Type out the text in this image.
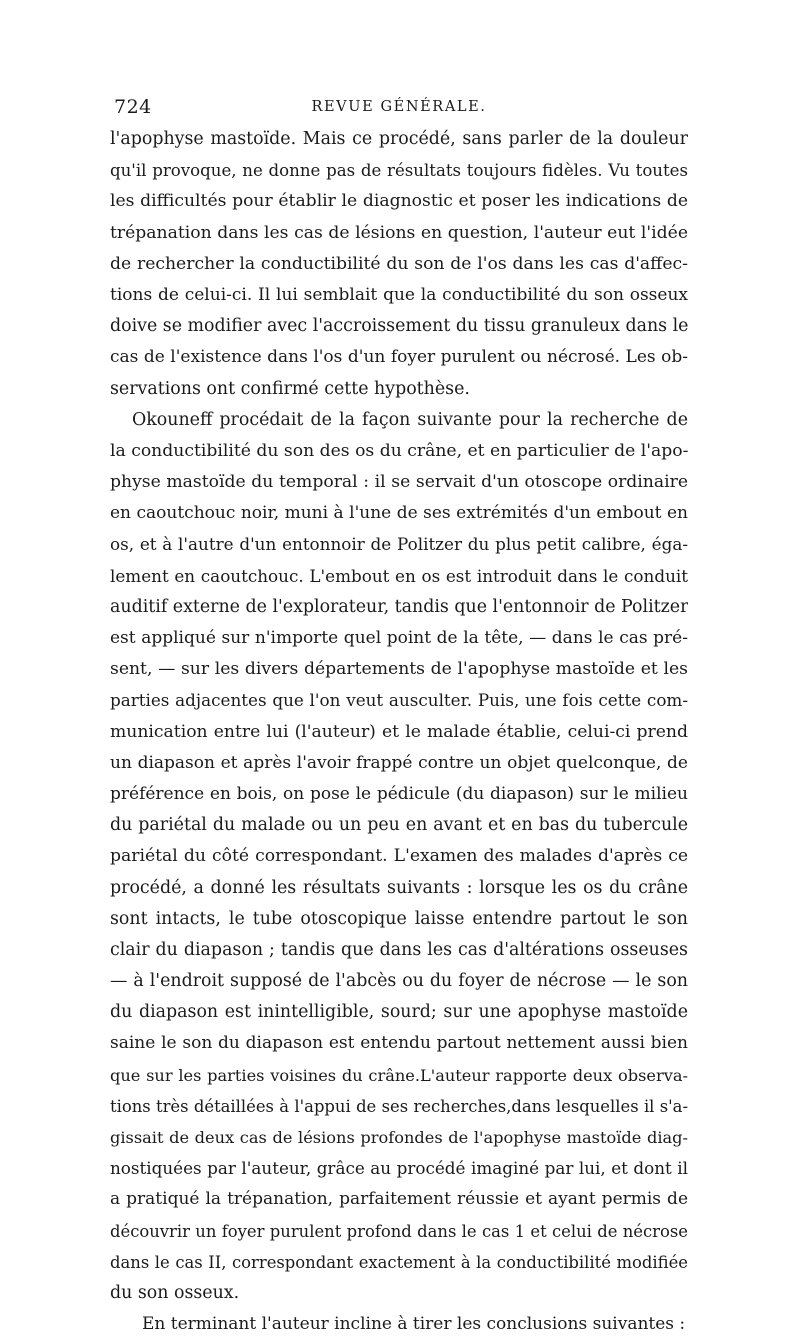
724	REVUE GÉNÉRALE.
l'apophyse mastoïde. Mais ce procédé, sans parler de la douleur
qu'il provoque, ne donne pas de résultats toujours fidèles. Vu toutes
les difficultés pour établir le diagnostic et poser les indications de
trépanation dans les cas de lésions en question, l'auteur eut l'idée
de rechercher la conductibilité du son de l'os dans les cas d'affec-
tions de celui-ci. Il lui semblait que la conductibilité du son osseux
doive se modifier avec l'accroissement du tissu granuleux dans le
cas de l'existence dans l'os d'un foyer purulent ou nécrosé. Les ob-
servations ont confirmé cette hypothèse.
Okouneff procédait de la façon suivante pour la recherche de
la conductibilité du son des os du crâne, et en particulier de l'apo-
physe mastoïde du temporal : il se servait d'un otoscope ordinaire
en caoutchouc noir, muni à l'une de ses extrémités d'un embout en
os, et à l'autre d'un entonnoir de Politzer du plus petit calibre, éga-
lement en caoutchouc. L'embout en os est introduit dans le conduit
auditif externe de l'explorateur, tandis que l'entonnoir de Politzer
est appliqué sur n'importe quel point de la tête, — dans le cas pré-
sent, — sur les divers départements de l'apophyse mastoïde et les
parties adjacentes que l'on veut ausculter. Puis, une fois cette com-
munication entre lui (l'auteur) et le malade établie, celui-ci prend
un diapason et après l'avoir frappé contre un objet quelconque, de
préférence en bois, on pose le pédicule (du diapason) sur le milieu
du pariétal du malade ou un peu en avant et en bas du tubercule
pariétal du côté correspondant. L'examen des malades d'après ce
procédé, a donné les résultats suivants : lorsque les os du crâne
sont intacts, le tube otoscopique laisse entendre partout le son
clair du diapason ; tandis que dans les cas d'altérations osseuses
— à l'endroit supposé de l'abcès ou du foyer de nécrose — le son
du diapason est inintelligible, sourd; sur une apophyse mastoïde
saine le son du diapason est entendu partout nettement aussi bien
que sur les parties voisines du crâne.L'auteur rapporte deux observa-
tions très détaillées à l'appui de ses recherches,dans lesquelles il s'a-
gissait de deux cas de lésions profondes de l'apophyse mastoïde diag-
nostiquées par l'auteur, grâce au procédé imaginé par lui, et dont il
a pratiqué la trépanation, parfaitement réussie et ayant permis de
découvrir un foyer purulent profond dans le cas 1 et celui de nécrose
dans le cas II, correspondant exactement à la conductibilité modifiée
du son osseux.
En terminant l'auteur incline à tirer les conclusions suivantes :
